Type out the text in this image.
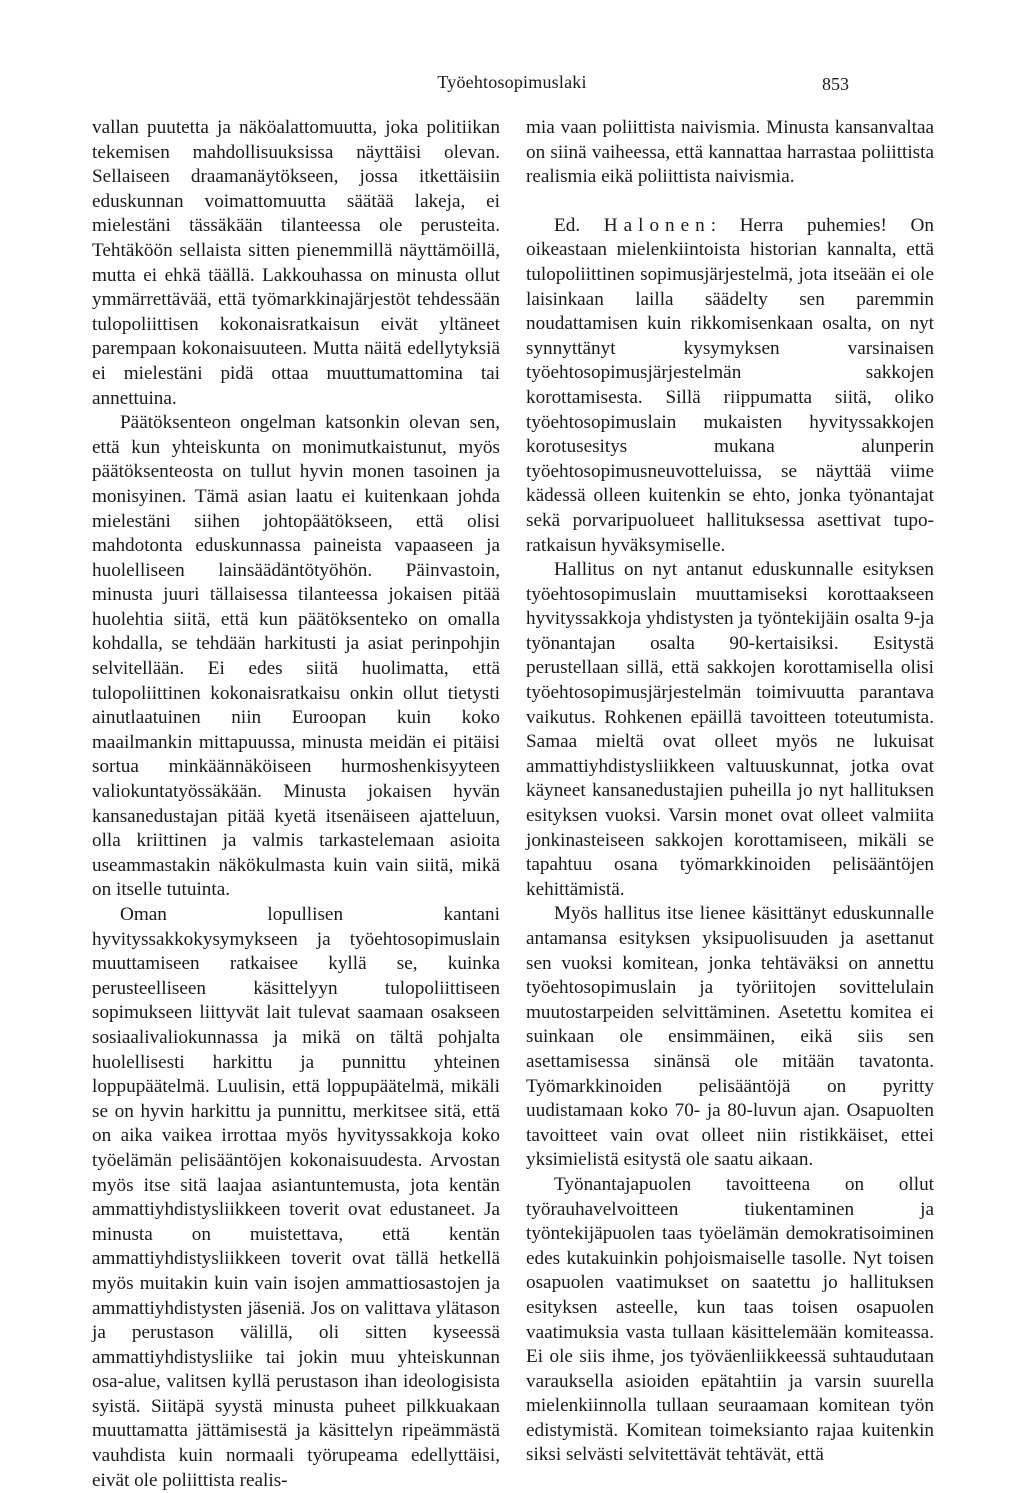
Työehtosopimuslaki	853

vallan puutetta ja näköalattomuutta, joka politiikan tekemisen mahdollisuuksissa näyttäisi olevan. Sellaiseen draamanäytökseen, jossa itkettäisiin eduskunnan voimattomuutta säätää lakeja, ei mielestäni tässäkään tilanteessa ole perusteita. Tehtäköön sellaista sitten pienemmillä näyttämöillä, mutta ei ehkä täällä. Lakkouhassa on minusta ollut ymmärrettävää, että työmarkkinajärjestöt tehdessään tulopoliittisen kokonaisratkaisun eivät yltäneet parempaan kokonaisuuteen. Mutta näitä edellytyksiä ei mielestäni pidä ottaa muuttumattomina tai annettuina.

Päätöksenteon ongelman katsonkin olevan sen, että kun yhteiskunta on monimutkaistunut, myös päätöksenteosta on tullut hyvin monen tasoinen ja monisyinen. Tämä asian laatu ei kuitenkaan johda mielestäni siihen johtopäätökseen, että olisi mahdotonta eduskunnassa paineista vapaaseen ja huolelliseen lainsäädäntötyöhön. Päinvastoin, minusta juuri tällaisessa tilanteessa jokaisen pitää huolehtia siitä, että kun päätöksenteko on omalla kohdalla, se tehdään harkitusti ja asiat perinpohjin selvitellään. Ei edes siitä huolimatta, että tulopoliittinen kokonaisratkaisu onkin ollut tietysti ainutlaatuinen niin Euroopan kuin koko maailmankin mittapuussa, minusta meidän ei pitäisi sortua minkäännäköiseen hurmoshenkisyyteen valiokuntatyössäkään. Minusta jokaisen hyvän kansanedustajan pitää kyetä itsenäiseen ajatteluun, olla kriittinen ja valmis tarkastelemaan asioita useammastakin näkökulmasta kuin vain siitä, mikä on itselle tutuinta.

Oman lopullisen kantani hyvityssakkokysymykseen ja työehtosopimuslain muuttamiseen ratkaisee kyllä se, kuinka perusteelliseen käsittelyyn tulopoliittiseen sopimukseen liittyvät lait tulevat saamaan osakseen sosiaalivaliokunnassa ja mikä on tältä pohjalta huolellisesti harkittu ja punnittu yhteinen loppupäätelmä. Luulisin, että loppupäätelmä, mikäli se on hyvin harkittu ja punnittu, merkitsee sitä, että on aika vaikea irrottaa myös hyvityssakkoja koko työelämän pelisääntöjen kokonaisuudesta. Arvostan myös itse sitä laajaa asiantuntemusta, jota kentän ammattiyhdistysliikkeen toverit ovat edustaneet. Ja minusta on muistettava, että kentän ammattiyhdistysliikkeen toverit ovat tällä hetkellä myös muitakin kuin vain isojen ammattiosastojen ja ammattiyhdistysten jäseniä. Jos on valittava ylätason ja perustason välillä, oli sitten kyseessä ammattiyhdistysliike tai jokin muu yhteiskunnan osa-alue, valitsen kyllä perustason ihan ideologisista syistä. Siitäpä syystä minusta puheet pilkkuakaan muuttamatta jättämisestä ja käsittelyn ripeämmästä vauhdista kuin normaali työrupeama edellyttäisi, eivät ole poliittista realis-

mia vaan poliittista naivismia. Minusta kansanvaltaa on siinä vaiheessa, että kannattaa harrastaa poliittista realismia eikä poliittista naivismia.

Ed. Halonen: Herra puhemies! On oikeastaan mielenkiintoista historian kannalta, että tulopoliittinen sopimusjärjestelmä, jota itseään ei ole laisinkaan lailla säädelty sen paremmin noudattamisen kuin rikkomisenkaan osalta, on nyt synnyttänyt kysymyksen varsinaisen työehtosopimusjärjestelmän sakkojen korottamisesta. Sillä riippumatta siitä, oliko työehtosopimuslain mukaisten hyvityssakkojen korotusesitys mukana alunperin työehtosopimusneuvotteluissa, se näyttää viime kädessä olleen kuitenkin se ehto, jonka työnantajat sekä porvaripuolueet hallituksessa asettivat tupo-ratkaisun hyväksymiselle.

Hallitus on nyt antanut eduskunnalle esityksen työehtosopimuslain muuttamiseksi korottaakseen hyvityssakkoja yhdistysten ja työntekijäin osalta 9-ja työnantajan osalta 90-kertaisiksi. Esitystä perustellaan sillä, että sakkojen korottamisella olisi työehtosopimusjärjestelmän toimivuutta parantava vaikutus. Rohkenen epäillä tavoitteen toteutumista. Samaa mieltä ovat olleet myös ne lukuisat ammattiyhdistysliikkeen valtuuskunnat, jotka ovat käyneet kansanedustajien puheilla jo nyt hallituksen esityksen vuoksi. Varsin monet ovat olleet valmiita jonkinasteiseen sakkojen korottamiseen, mikäli se tapahtuu osana työmarkkinoiden pelisääntöjen kehittämistä.

Myös hallitus itse lienee käsittänyt eduskunnalle antamansa esityksen yksipuolisuuden ja asettanut sen vuoksi komitean, jonka tehtäväksi on annettu työehtosopimuslain ja työriitojen sovittelulain muutostarpeiden selvittäminen. Asetettu komitea ei suinkaan ole ensimmäinen, eikä siis sen asettamisessa sinänsä ole mitään tavatonta. Työmarkkinoiden pelisääntöjä on pyritty uudistamaan koko 70- ja 80-luvun ajan. Osapuolten tavoitteet vain ovat olleet niin ristikkäiset, ettei yksimielistä esitystä ole saatu aikaan.

Työnantajapuolen tavoitteena on ollut työrauhavelvoitteen tiukentaminen ja työntekijäpuolen taas työelämän demokratisoiminen edes kutakuinkin pohjoismaiselle tasolle. Nyt toisen osapuolen vaatimukset on saatettu jo hallituksen esityksen asteelle, kun taas toisen osapuolen vaatimuksia vasta tullaan käsittelemään komiteassa. Ei ole siis ihme, jos työväenliikkeessä suhtaudutaan varauksella asioiden epätahtiin ja varsin suurella mielenkiinnolla tullaan seuraamaan komitean työn edistymistä. Komitean toimeksianto rajaa kuitenkin siksi selvästi selvitettävät tehtävät, että
